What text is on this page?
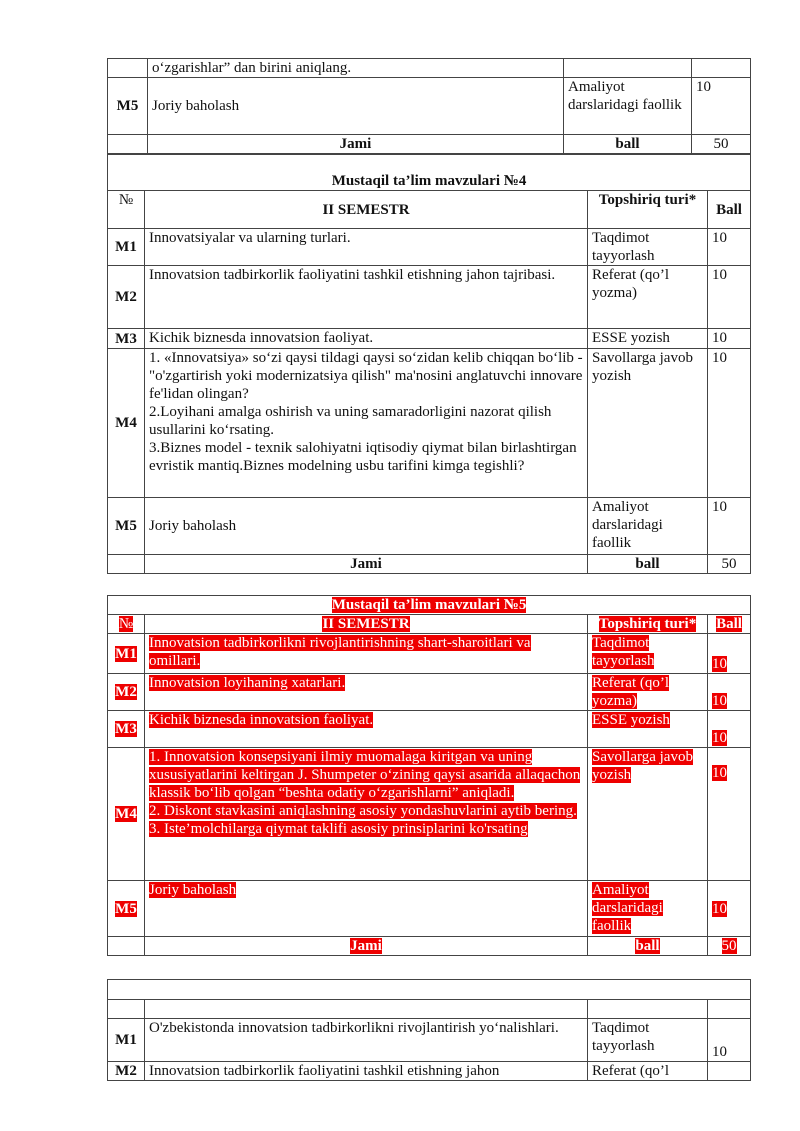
	o‘zgarishlar” dan birini aniqlang.		
M5	Joriy baholash	Amaliyot darslaridagi faollik	10
	Jami	ball	50
Mustaqil ta’lim mavzulari №4			
№	II SEMESTR	Topshiriq turi*	Ball
M1	Innovatsiyalar va ularning turlari.	Taqdimot tayyorlash	10
M2	Innovatsion tadbirkorlik faoliyatini tashkil etishning jahon tajribasi.	Referat (qo’l yozma)	10
M3	Kichik biznesda innovatsion faoliyat.	ESSE yozish	10
M4	1. «Innovatsiya» so‘zi qaysi tildagi qaysi so‘zidan kelib chiqqan bo‘lib - "o'zgartirish yoki modernizatsiya qilish" ma'nosini anglatuvchi innovare fe'lidan olingan?
2.Loyihani amalga oshirish va uning samaradorligini nazorat qilish usullarini ko‘rsating.
3.Biznes model - texnik salohiyatni iqtisodiy qiymat bilan birlashtirgan evristik mantiq.Biznes modelning usbu tarifini kimga tegishli?	Savollarga javob yozish	10
M5	Joriy baholash	Amaliyot darslaridagi faollik	10
	Jami	ball	50
Mustaqil ta’lim mavzulari №5			
№	II SEMESTR	Topshiriq turi*	Ball
M1	Innovatsion tadbirkorlikni rivojlantirishning shart-sharoitlari va omillari.	Taqdimot tayyorlash	10
M2	Innovatsion loyihaning xatarlari.	Referat (qo’l yozma)	10
M3	Kichik biznesda innovatsion faoliyat.	ESSE yozish	10
M4	1. Innovatsion konsepsiyani ilmiy muomalaga kiritgan va uning xususiyatlarini keltirgan J. Shumpeter o‘zining qaysi asarida allaqachon klassik bo‘lib qolgan “beshta odatiy o‘zgarishlarni” aniqladi.
2. Diskont stavkasini aniqlashning asosiy yondashuvlarini aytib bering.
3. Iste’molchilarga qiymat taklifi asosiy prinsiplarini ko'rsating	Savollarga javob yozish	10
M5	Joriy baholash	Amaliyot darslaridagi faollik	10
	Jami	ball	50

M1	O'zbekistonda innovatsion tadbirkorlikni rivojlantirish yo‘nalishlari.	Taqdimot tayyorlash	10
M2	Innovatsion tadbirkorlik faoliyatini tashkil etishning jahon	Referat (qo’l	
